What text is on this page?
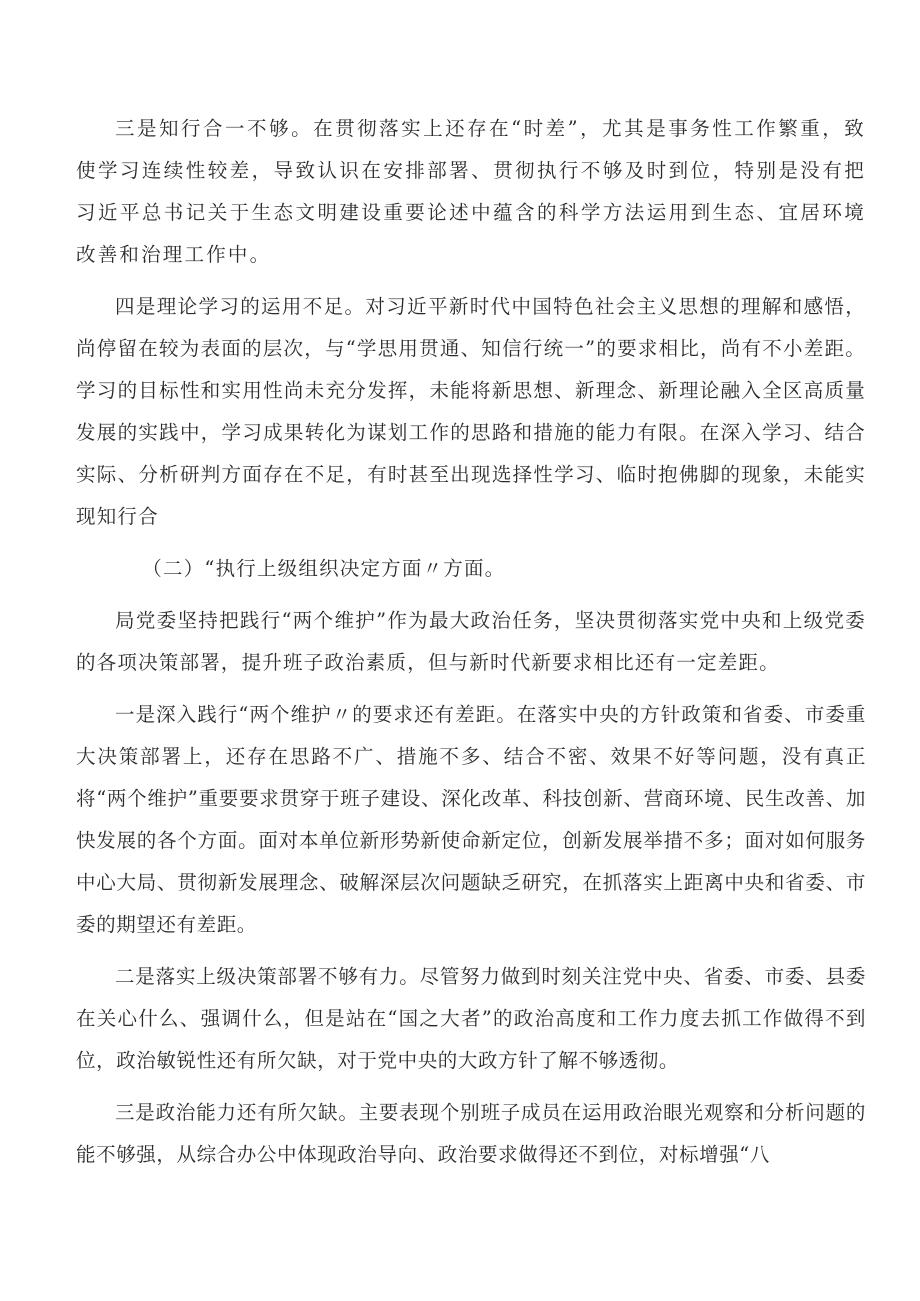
三是知行合一不够。在贯彻落实上还存在“时差”，尤其是事务性工作繁重，致使学习连续性较差，导致认识在安排部署、贯彻执行不够及时到位，特别是没有把习近平总书记关于生态文明建设重要论述中蕴含的科学方法运用到生态、宜居环境改善和治理工作中。

四是理论学习的运用不足。对习近平新时代中国特色社会主义思想的理解和感悟，尚停留在较为表面的层次，与“学思用贯通、知信行统一”的要求相比，尚有不小差距。学习的目标性和实用性尚未充分发挥，未能将新思想、新理念、新理论融入全区高质量发展的实践中，学习成果转化为谋划工作的思路和措施的能力有限。在深入学习、结合实际、分析研判方面存在不足，有时甚至出现选择性学习、临时抱佛脚的现象，未能实现知行合

（二）“执行上级组织决定方面〃方面。

局党委坚持把践行“两个维护”作为最大政治任务，坚决贯彻落实党中央和上级党委的各项决策部署，提升班子政治素质，但与新时代新要求相比还有一定差距。

一是深入践行“两个维护〃的要求还有差距。在落实中央的方针政策和省委、市委重大决策部署上，还存在思路不广、措施不多、结合不密、效果不好等问题，没有真正将“两个维护”重要要求贯穿于班子建设、深化改革、科技创新、营商环境、民生改善、加快发展的各个方面。面对本单位新形势新使命新定位，创新发展举措不多；面对如何服务中心大局、贯彻新发展理念、破解深层次问题缺乏研究，在抓落实上距离中央和省委、市委的期望还有差距。

二是落实上级决策部署不够有力。尽管努力做到时刻关注党中央、省委、市委、县委在关心什么、强调什么，但是站在“国之大者”的政治高度和工作力度去抓工作做得不到位，政治敏锐性还有所欠缺，对于党中央的大政方针了解不够透彻。

三是政治能力还有所欠缺。主要表现个别班子成员在运用政治眼光观察和分析问题的能不够强，从综合办公中体现政治导向、政治要求做得还不到位，对标增强“八
